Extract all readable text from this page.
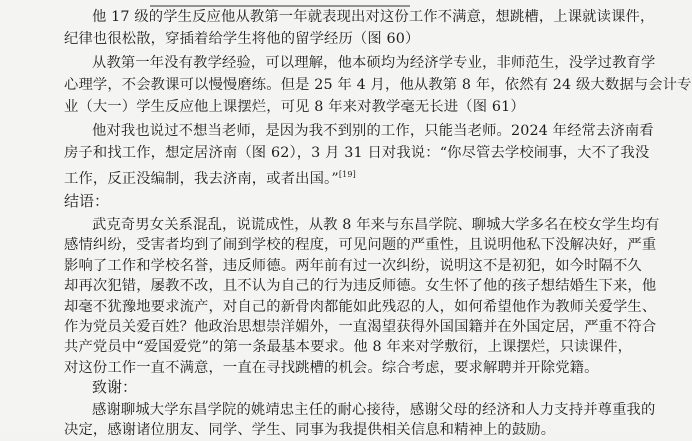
他 17 级的学生反应他从教第一年就表现出对这份工作不满意，想跳槽，上课就读课件，

纪律也很松散，穿插着给学生将他的留学经历（图 60）

从教第一年没有教学经验，可以理解，他本硕均为经济学专业，非师范生，没学过教育学

心理学，不会教课可以慢慢磨练。但是 25 年 4 月，他从教第 8 年，依然有 24 级大数据与会计专

业（大一）学生反应他上课摆烂，可见 8 年来对教学毫无长进（图 61）

他对我也说过不想当老师，是因为我不到别的工作，只能当老师。2024 年经常去济南看

房子和找工作，想定居济南（图 62），3 月 31 日对我说：“你尽管去学校闹事，大不了我没

工作，反正没编制，我去济南，或者出国。”[19]

结语：

武克奇男女关系混乱，说谎成性，从教 8 年来与东昌学院、聊城大学多名在校女学生均有

感情纠纷，受害者均到了闹到学校的程度，可见问题的严重性，且说明他私下没解决好，严重

影响了工作和学校名誉，违反师德。两年前有过一次纠纷，说明这不是初犯，如今时隔不久

却再次犯错，屡教不改，且不认为自己的行为违反师德。女生怀了他的孩子想结婚生下来，他

却毫不犹豫地要求流产，对自己的新骨肉都能如此残忍的人，如何希望他作为教师关爱学生、

作为党员关爱百姓？他政治思想崇洋媚外，一直渴望获得外国国籍并在外国定居，严重不符合

共产党员中“爱国爱党”的第一条最基本要求。他 8 年来对学敷衍，上课摆烂，只读课件，

对这份工作一直不满意，一直在寻找跳槽的机会。综合考虑，要求解聘并开除党籍。

致谢：

感谢聊城大学东昌学院的姚靖忠主任的耐心接待，感谢父母的经济和人力支持并尊重我的

决定，感谢诸位朋友、同学、学生、同事为我提供相关信息和精神上的鼓励。
